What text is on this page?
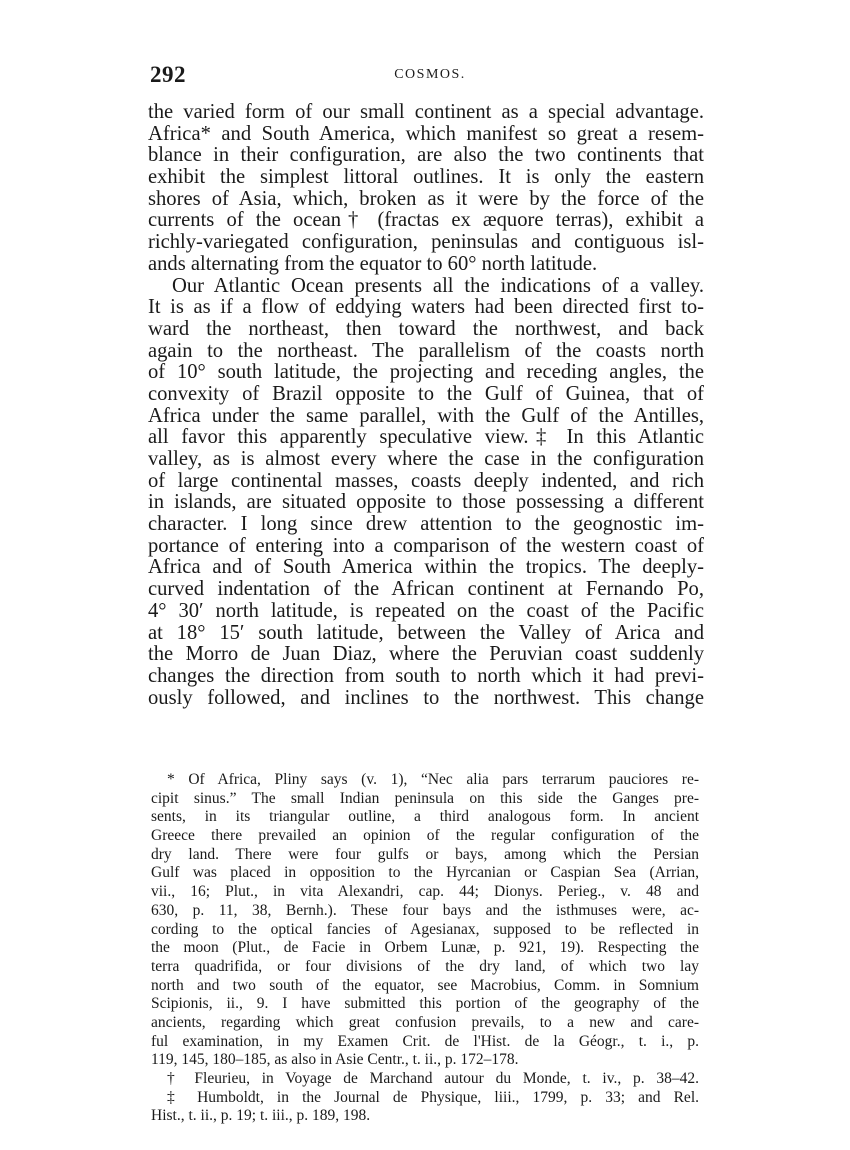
292	COSMOS.
the varied form of our small continent as a special advantage.
Africa* and South America, which manifest so great a resem-
blance in their configuration, are also the two continents that
exhibit the simplest littoral outlines. It is only the eastern
shores of Asia, which, broken as it were by the force of the
currents of the ocean† (fractas ex æquore terras), exhibit a
richly-variegated configuration, peninsulas and contiguous isl-
ands alternating from the equator to 60° north latitude.
Our Atlantic Ocean presents all the indications of a valley.
It is as if a flow of eddying waters had been directed first to-
ward the northeast, then toward the northwest, and back
again to the northeast. The parallelism of the coasts north
of 10° south latitude, the projecting and receding angles, the
convexity of Brazil opposite to the Gulf of Guinea, that of
Africa under the same parallel, with the Gulf of the Antilles,
all favor this apparently speculative view.‡ In this Atlantic
valley, as is almost every where the case in the configuration
of large continental masses, coasts deeply indented, and rich
in islands, are situated opposite to those possessing a different
character. I long since drew attention to the geognostic im-
portance of entering into a comparison of the western coast of
Africa and of South America within the tropics. The deeply-
curved indentation of the African continent at Fernando Po,
4° 30′ north latitude, is repeated on the coast of the Pacific
at 18° 15′ south latitude, between the Valley of Arica and
the Morro de Juan Diaz, where the Peruvian coast suddenly
changes the direction from south to north which it had previ-
ously followed, and inclines to the northwest. This change
* Of Africa, Pliny says (v. 1), “Nec alia pars terrarum pauciores re-
cipit sinus.” The small Indian peninsula on this side the Ganges pre-
sents, in its triangular outline, a third analogous form. In ancient
Greece there prevailed an opinion of the regular configuration of the
dry land. There were four gulfs or bays, among which the Persian
Gulf was placed in opposition to the Hyrcanian or Caspian Sea (Arrian,
vii., 16; Plut., in vita Alexandri, cap. 44; Dionys. Perieg., v. 48 and
630, p. 11, 38, Bernh.). These four bays and the isthmuses were, ac-
cording to the optical fancies of Agesianax, supposed to be reflected in
the moon (Plut., de Facie in Orbem Lunæ, p. 921, 19). Respecting the
terra quadrifida, or four divisions of the dry land, of which two lay
north and two south of the equator, see Macrobius, Comm. in Somnium
Scipionis, ii., 9. I have submitted this portion of the geography of the
ancients, regarding which great confusion prevails, to a new and care-
ful examination, in my Examen Crit. de l'Hist. de la Géogr., t. i., p.
119, 145, 180–185, as also in Asie Centr., t. ii., p. 172–178.
† Fleurieu, in Voyage de Marchand autour du Monde, t. iv., p. 38–42.
‡ Humboldt, in the Journal de Physique, liii., 1799, p. 33; and Rel.
Hist., t. ii., p. 19; t. iii., p. 189, 198.
